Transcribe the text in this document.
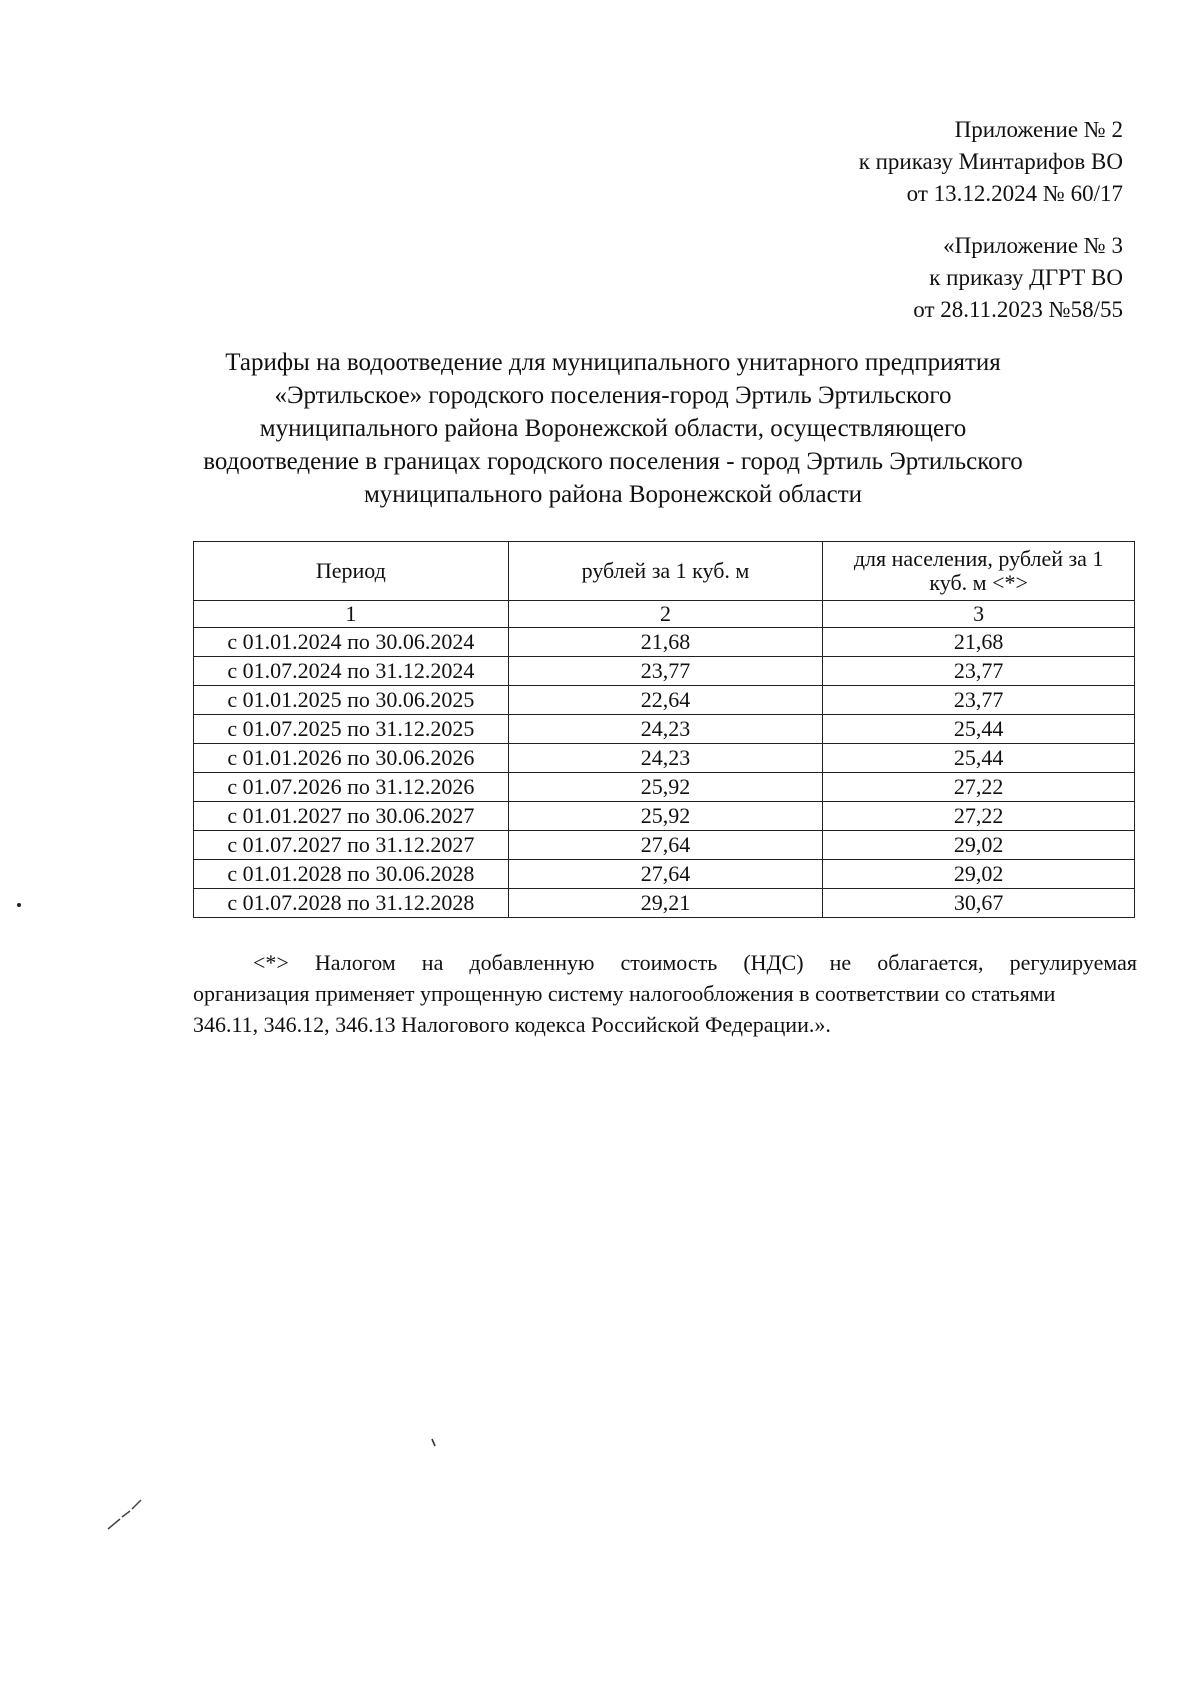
Приложение № 2
к приказу Минтарифов ВО
от 13.12.2024 № 60/17
«Приложение № 3
к приказу ДГРТ ВО
от 28.11.2023 №58/55
Тарифы на водоотведение для муниципального унитарного предприятия
«Эртильское» городского поселения-город Эртиль Эртильского
муниципального района Воронежской области, осуществляющего
водоотведение в границах городского поселения - город Эртиль Эртильского
муниципального района Воронежской области
Период	рублей за 1 куб. м	для населения, рублей за 1
куб. м <*>
1	2	3
с 01.01.2024 по 30.06.2024	21,68	21,68
с 01.07.2024 по 31.12.2024	23,77	23,77
с 01.01.2025 по 30.06.2025	22,64	23,77
с 01.07.2025 по 31.12.2025	24,23	25,44
с 01.01.2026 по 30.06.2026	24,23	25,44
с 01.07.2026 по 31.12.2026	25,92	27,22
с 01.01.2027 по 30.06.2027	25,92	27,22
с 01.07.2027 по 31.12.2027	27,64	29,02
с 01.01.2028 по 30.06.2028	27,64	29,02
с 01.07.2028 по 31.12.2028	29,21	30,67
<*> Налогом на добавленную стоимость (НДС) не облагается, регулируемая
организация применяет упрощенную систему налогообложения в соответствии со статьями
346.11, 346.12, 346.13 Налогового кодекса Российской Федерации.».
